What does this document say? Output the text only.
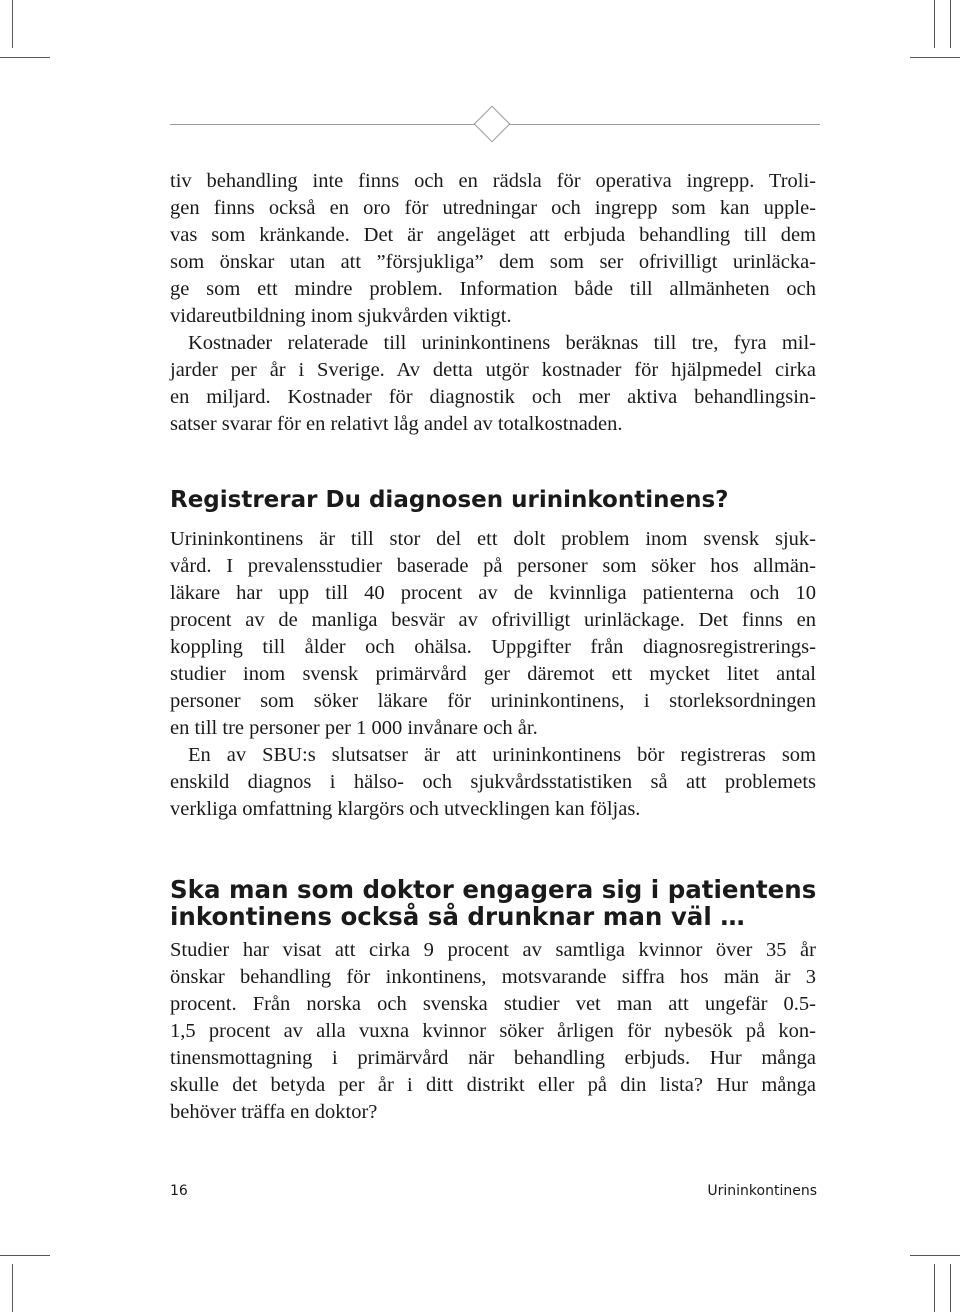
tiv behandling inte finns och en rädsla för operativa ingrepp. Troli-
gen finns också en oro för utredningar och ingrepp som kan upple-
vas som kränkande. Det är angeläget att erbjuda behandling till dem
som önskar utan att ”försjukliga” dem som ser ofrivilligt urinläcka-
ge som ett mindre problem. Information både till allmänheten och
vidareutbildning inom sjukvården viktigt.

Kostnader relaterade till urininkontinens beräknas till tre, fyra mil-
jarder per år i Sverige. Av detta utgör kostnader för hjälpmedel cirka
en miljard. Kostnader för diagnostik och mer aktiva behandlingsin-
satser svarar för en relativt låg andel av totalkostnaden.

Registrerar Du diagnosen urininkontinens?

Urininkontinens är till stor del ett dolt problem inom svensk sjuk-
vård. I prevalensstudier baserade på personer som söker hos allmän-
läkare har upp till 40 procent av de kvinnliga patienterna och 10
procent av de manliga besvär av ofrivilligt urinläckage. Det finns en
koppling till ålder och ohälsa. Uppgifter från diagnosregistrerings-
studier inom svensk primärvård ger däremot ett mycket litet antal
personer som söker läkare för urininkontinens, i storleksordningen
en till tre personer per 1 000 invånare och år.

En av SBU:s slutsatser är att urininkontinens bör registreras som
enskild diagnos i hälso- och sjukvårdsstatistiken så att problemets
verkliga omfattning klargörs och utvecklingen kan följas.

Ska man som doktor engagera sig i patientens
inkontinens också så drunknar man väl …

Studier har visat att cirka 9 procent av samtliga kvinnor över 35 år
önskar behandling för inkontinens, motsvarande siffra hos män är 3
procent. Från norska och svenska studier vet man att ungefär 0.5-
1,5 procent av alla vuxna kvinnor söker årligen för nybesök på kon-
tinensmottagning i primärvård när behandling erbjuds. Hur många
skulle det betyda per år i ditt distrikt eller på din lista? Hur många
behöver träffa en doktor?

16	Urininkontinens
